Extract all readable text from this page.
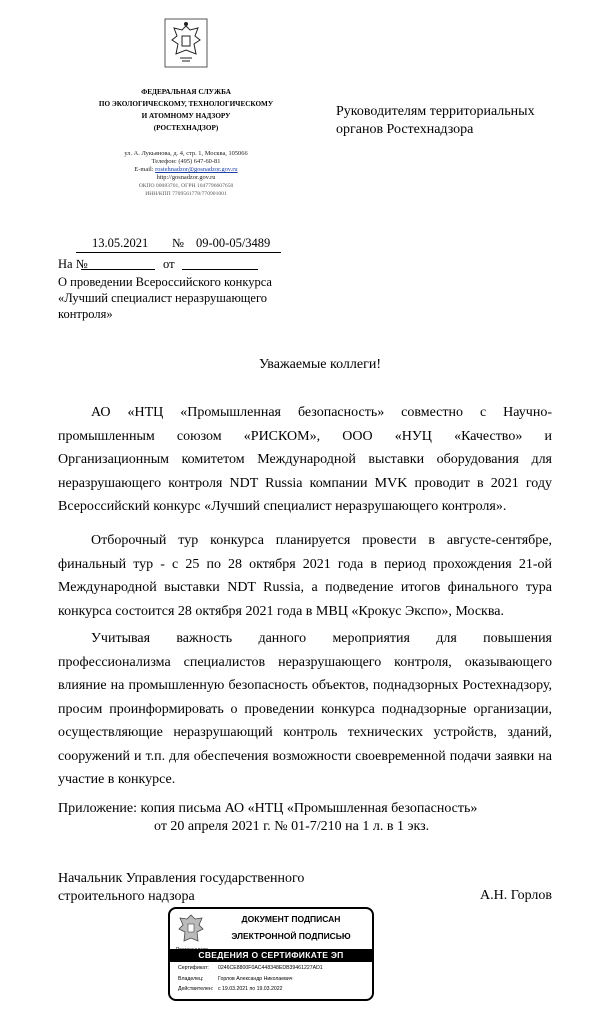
ФЕДЕРАЛЬНАЯ СЛУЖБА
ПО ЭКОЛОГИЧЕСКОМУ, ТЕХНОЛОГИЧЕСКОМУ
И АТОМНОМУ НАДЗОРУ
(РОСТЕХНАДЗОР)
ул. А. Лукьянова, д. 4, стр. 1, Москва, 105066
Телефон: (495) 647-60-81
E-mail: rostehnadzor@gosnadzor.gov.ru
http://gosnadzor.gov.ru
ОКПО 00083701, ОГРН 1047796607650
ИНН/КПП 7709561778/770901001
Руководителям территориальных органов Ростехнадзора
13.05.2021 № 09-00-05/3489
На №	от
О проведении Всероссийского конкурса «Лучший специалист неразрушающего контроля»
Уважаемые коллеги!
АО «НТЦ «Промышленная безопасность» совместно с Научно-промышленным союзом «РИСКОМ», ООО «НУЦ «Качество» и Организационным комитетом Международной выставки оборудования для неразрушающего контроля NDT Russia компании MVK проводит в 2021 году Всероссийский конкурс «Лучший специалист неразрушающего контроля».
Отборочный тур конкурса планируется провести в августе-сентябре, финальный тур - с 25 по 28 октября 2021 года в период прохождения 21-ой Международной выставки NDT Russia, а подведение итогов финального тура конкурса состоится 28 октября 2021 года в МВЦ «Крокус Экспо», Москва.
Учитывая важность данного мероприятия для повышения профессионализма специалистов неразрушающего контроля, оказывающего влияние на промышленную безопасность объектов, поднадзорных Ростехнадзору, просим проинформировать о проведении конкурса поднадзорные организации, осуществляющие неразрушающий контроль технических устройств, зданий, сооружений и т.п. для обеспечения возможности своевременной подачи заявки на участие в конкурсе.
Приложение: копия письма АО «НТЦ «Промышленная безопасность»
от 20 апреля 2021 г. № 01-7/210 на 1 л. в 1 экз.
Начальник Управления государственного строительного надзора	А.Н. Горлов
ДОКУМЕНТ ПОДПИСАН
ЭЛЕКТРОННОЙ ПОДПИСЬЮ
СВЕДЕНИЯ О СЕРТИФИКАТЕ ЭП
Сертификат: 0246CE8800F0AC448348EDB39461227AD1
Владелец:	Горлов Александр Николаевич
Действителен: с 19.03.2021 по 19.03.2022
